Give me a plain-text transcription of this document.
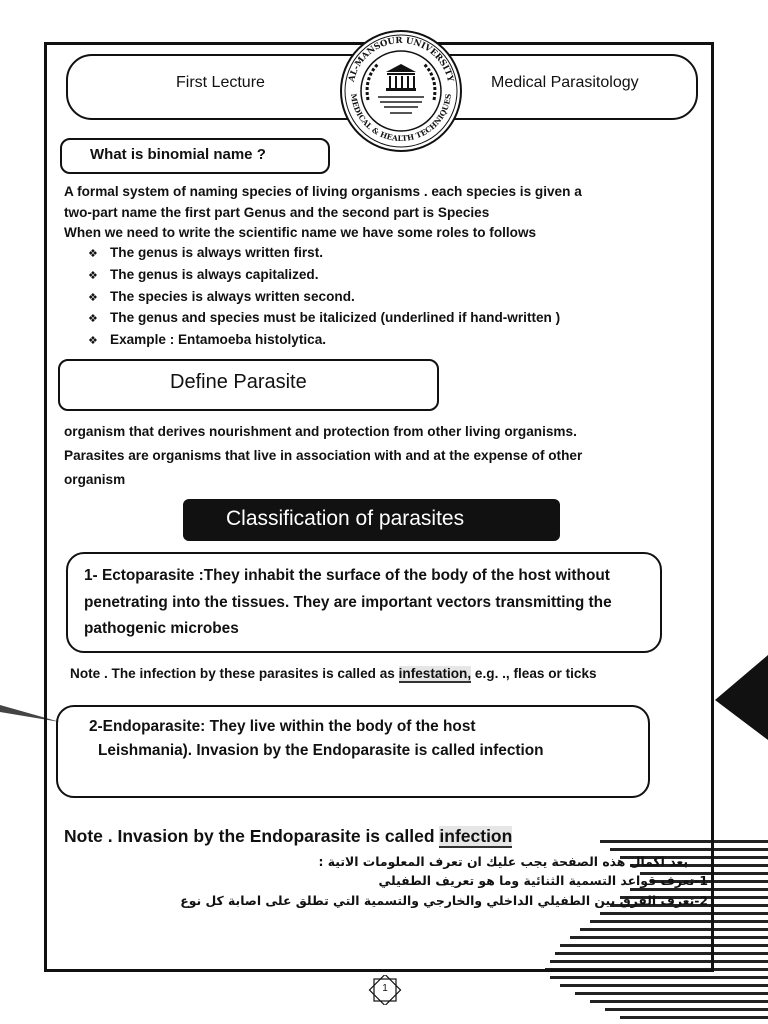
First Lecture	Medical Parasitology
AL-MANSOUR UNIVERSITY
MEDICAL & HEALTH TECHNIQUES
What is binomial name ?
A formal system of naming species of living organisms . each species is given a
two-part name the first part Genus and the second part is Species
When we need to write the scientific name we have some roles to follows
❖ The genus is always written first.
❖ The genus is always capitalized.
❖ The species is always written second.
❖ The genus and species must be italicized (underlined if hand-written )
❖ Example : Entamoeba histolytica.
Define Parasite
organism that derives nourishment and protection from other living organisms.
Parasites are organisms that live in association with and at the expense of other
organism
Classification of parasites
1- Ectoparasite :They inhabit the surface of the body of the host without penetrating into the tissues. They are important vectors transmitting the pathogenic microbes
Note . The infection by these parasites is called as infestation, e.g. ., fleas or ticks
2-Endoparasite: They live within the body of the host
Leishmania). Invasion by the Endoparasite is called infection
Note . Invasion by the Endoparasite is called infection
بعد اكمال هذه الصفحة يجب عليك ان تعرف المعلومات الاتية :
1-تعرف قواعد التسمية الثنائية وما هو تعريف الطفيلي
2-تعرف الفرق بين الطفيلي الداخلي والخارجي والتسمية التي تطلق على اصابة كل نوع
1
